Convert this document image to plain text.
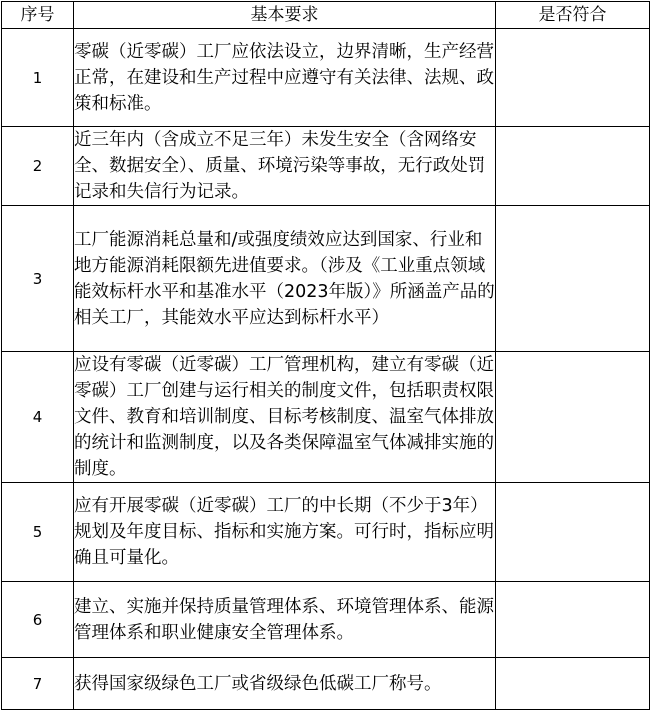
序号	基本要求	是否符合
1	零碳（近零碳）工厂应依法设立，边界清晰，生产经营正常，在建设和生产过程中应遵守有关法律、法规、政策和标准。	
2	近三年内（含成立不足三年）未发生安全（含网络安全、数据安全）、质量、环境污染等事故，无行政处罚记录和失信行为记录。	
3	工厂能源消耗总量和/或强度绩效应达到国家、行业和地方能源消耗限额先进值要求。（涉及《工业重点领域能效标杆水平和基准水平（2023年版）》所涵盖产品的相关工厂，其能效水平应达到标杆水平）	
4	应设有零碳（近零碳）工厂管理机构，建立有零碳（近零碳）工厂创建与运行相关的制度文件，包括职责权限文件、教育和培训制度、目标考核制度、温室气体排放的统计和监测制度，以及各类保障温室气体减排实施的制度。	
5	应有开展零碳（近零碳）工厂的中长期（不少于3年）规划及年度目标、指标和实施方案。可行时，指标应明确且可量化。	
6	建立、实施并保持质量管理体系、环境管理体系、能源管理体系和职业健康安全管理体系。	
7	获得国家级绿色工厂或省级绿色低碳工厂称号。	
